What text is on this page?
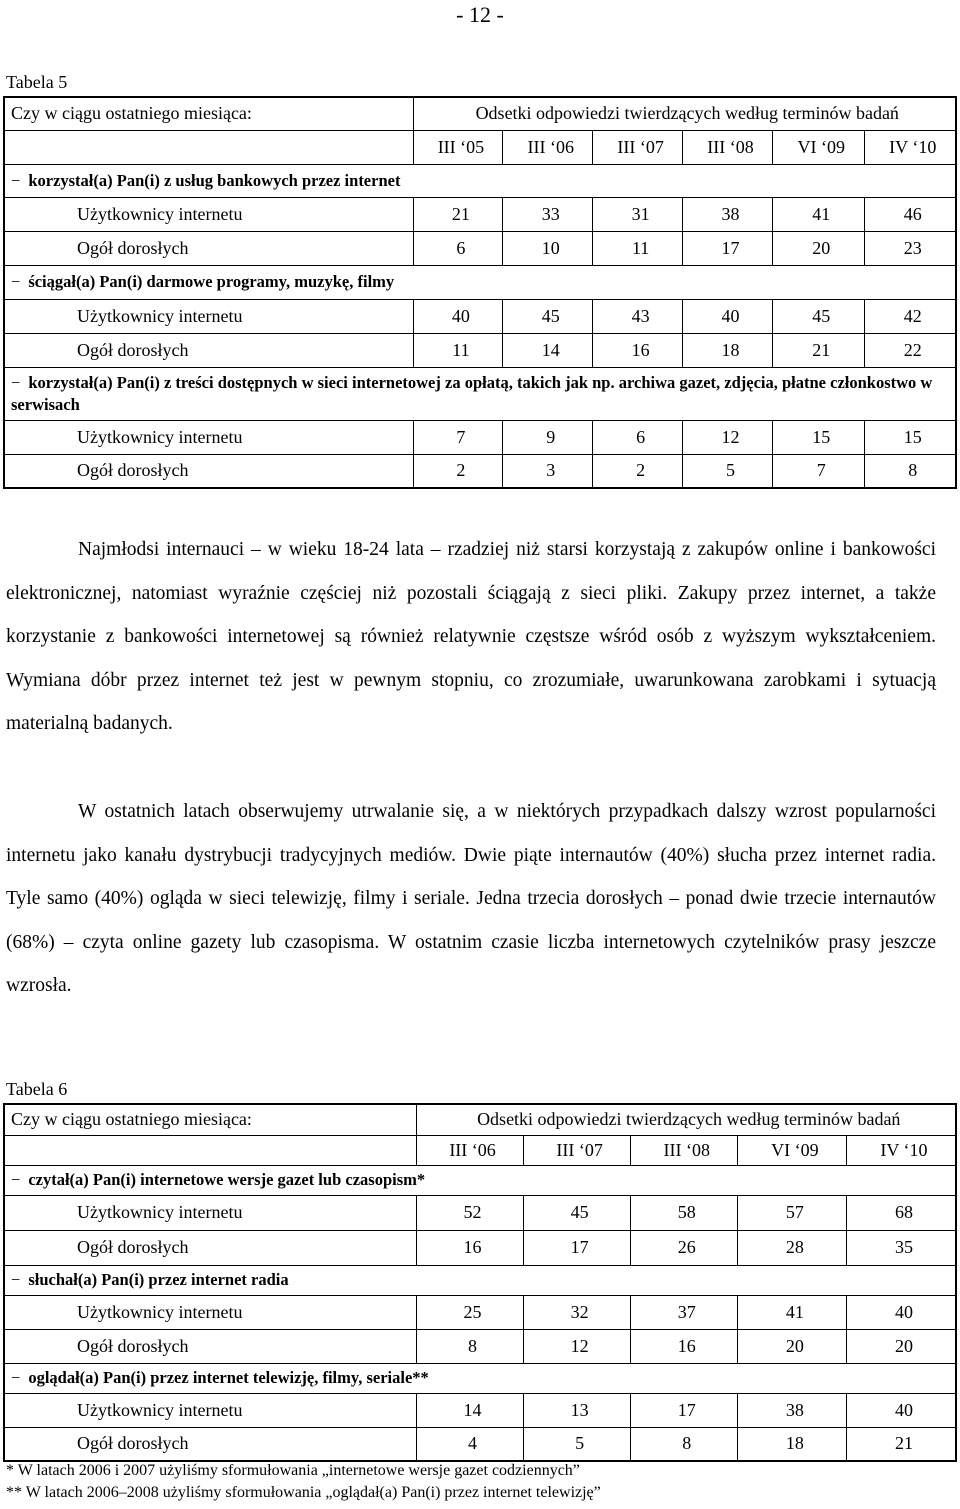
- 12 -
Tabela 5
Czy w ciągu ostatniego miesiąca:	Odsetki odpowiedzi twierdzących według terminów badań					
	III ‘05	III ‘06	III ‘07	III ‘08	VI ‘09	IV ‘10
− korzystał(a) Pan(i) z usług bankowych przez internet						
Użytkownicy internetu	21	33	31	38	41	46
Ogół dorosłych	6	10	11	17	20	23
− ściągał(a) Pan(i) darmowe programy, muzykę, filmy						
Użytkownicy internetu	40	45	43	40	45	42
Ogół dorosłych	11	14	16	18	21	22
− korzystał(a) Pan(i) z treści dostępnych w sieci internetowej za opłatą, takich jak np. archiwa gazet, zdjęcia, płatne członkostwo w serwisach						
Użytkownicy internetu	7	9	6	12	15	15
Ogół dorosłych	2	3	2	5	7	8

Najmłodsi internauci – w wieku 18-24 lata – rzadziej niż starsi korzystają z zakupów online i bankowości elektronicznej, natomiast wyraźnie częściej niż pozostali ściągają z sieci pliki. Zakupy przez internet, a także korzystanie z bankowości internetowej są również relatywnie częstsze wśród osób z wyższym wykształceniem. Wymiana dóbr przez internet też jest w pewnym stopniu, co zrozumiałe, uwarunkowana zarobkami i sytuacją materialną badanych.

W ostatnich latach obserwujemy utrwalanie się, a w niektórych przypadkach dalszy wzrost popularności internetu jako kanału dystrybucji tradycyjnych mediów. Dwie piąte internautów (40%) słucha przez internet radia. Tyle samo (40%) ogląda w sieci telewizję, filmy i seriale. Jedna trzecia dorosłych – ponad dwie trzecie internautów (68%) – czyta online gazety lub czasopisma. W ostatnim czasie liczba internetowych czytelników prasy jeszcze wzrosła.

Tabela 6
Czy w ciągu ostatniego miesiąca:	Odsetki odpowiedzi twierdzących według terminów badań				
	III ‘06	III ‘07	III ‘08	VI ‘09	IV ‘10
− czytał(a) Pan(i) internetowe wersje gazet lub czasopism*					
Użytkownicy internetu	52	45	58	57	68
Ogół dorosłych	16	17	26	28	35
− słuchał(a) Pan(i) przez internet radia					
Użytkownicy internetu	25	32	37	41	40
Ogół dorosłych	8	12	16	20	20
− oglądał(a) Pan(i) przez internet telewizję, filmy, seriale**					
Użytkownicy internetu	14	13	17	38	40
Ogół dorosłych	4	5	8	18	21
* W latach 2006 i 2007 użyliśmy sformułowania „internetowe wersje gazet codziennych”
** W latach 2006–2008 użyliśmy sformułowania „oglądał(a) Pan(i) przez internet telewizję”
